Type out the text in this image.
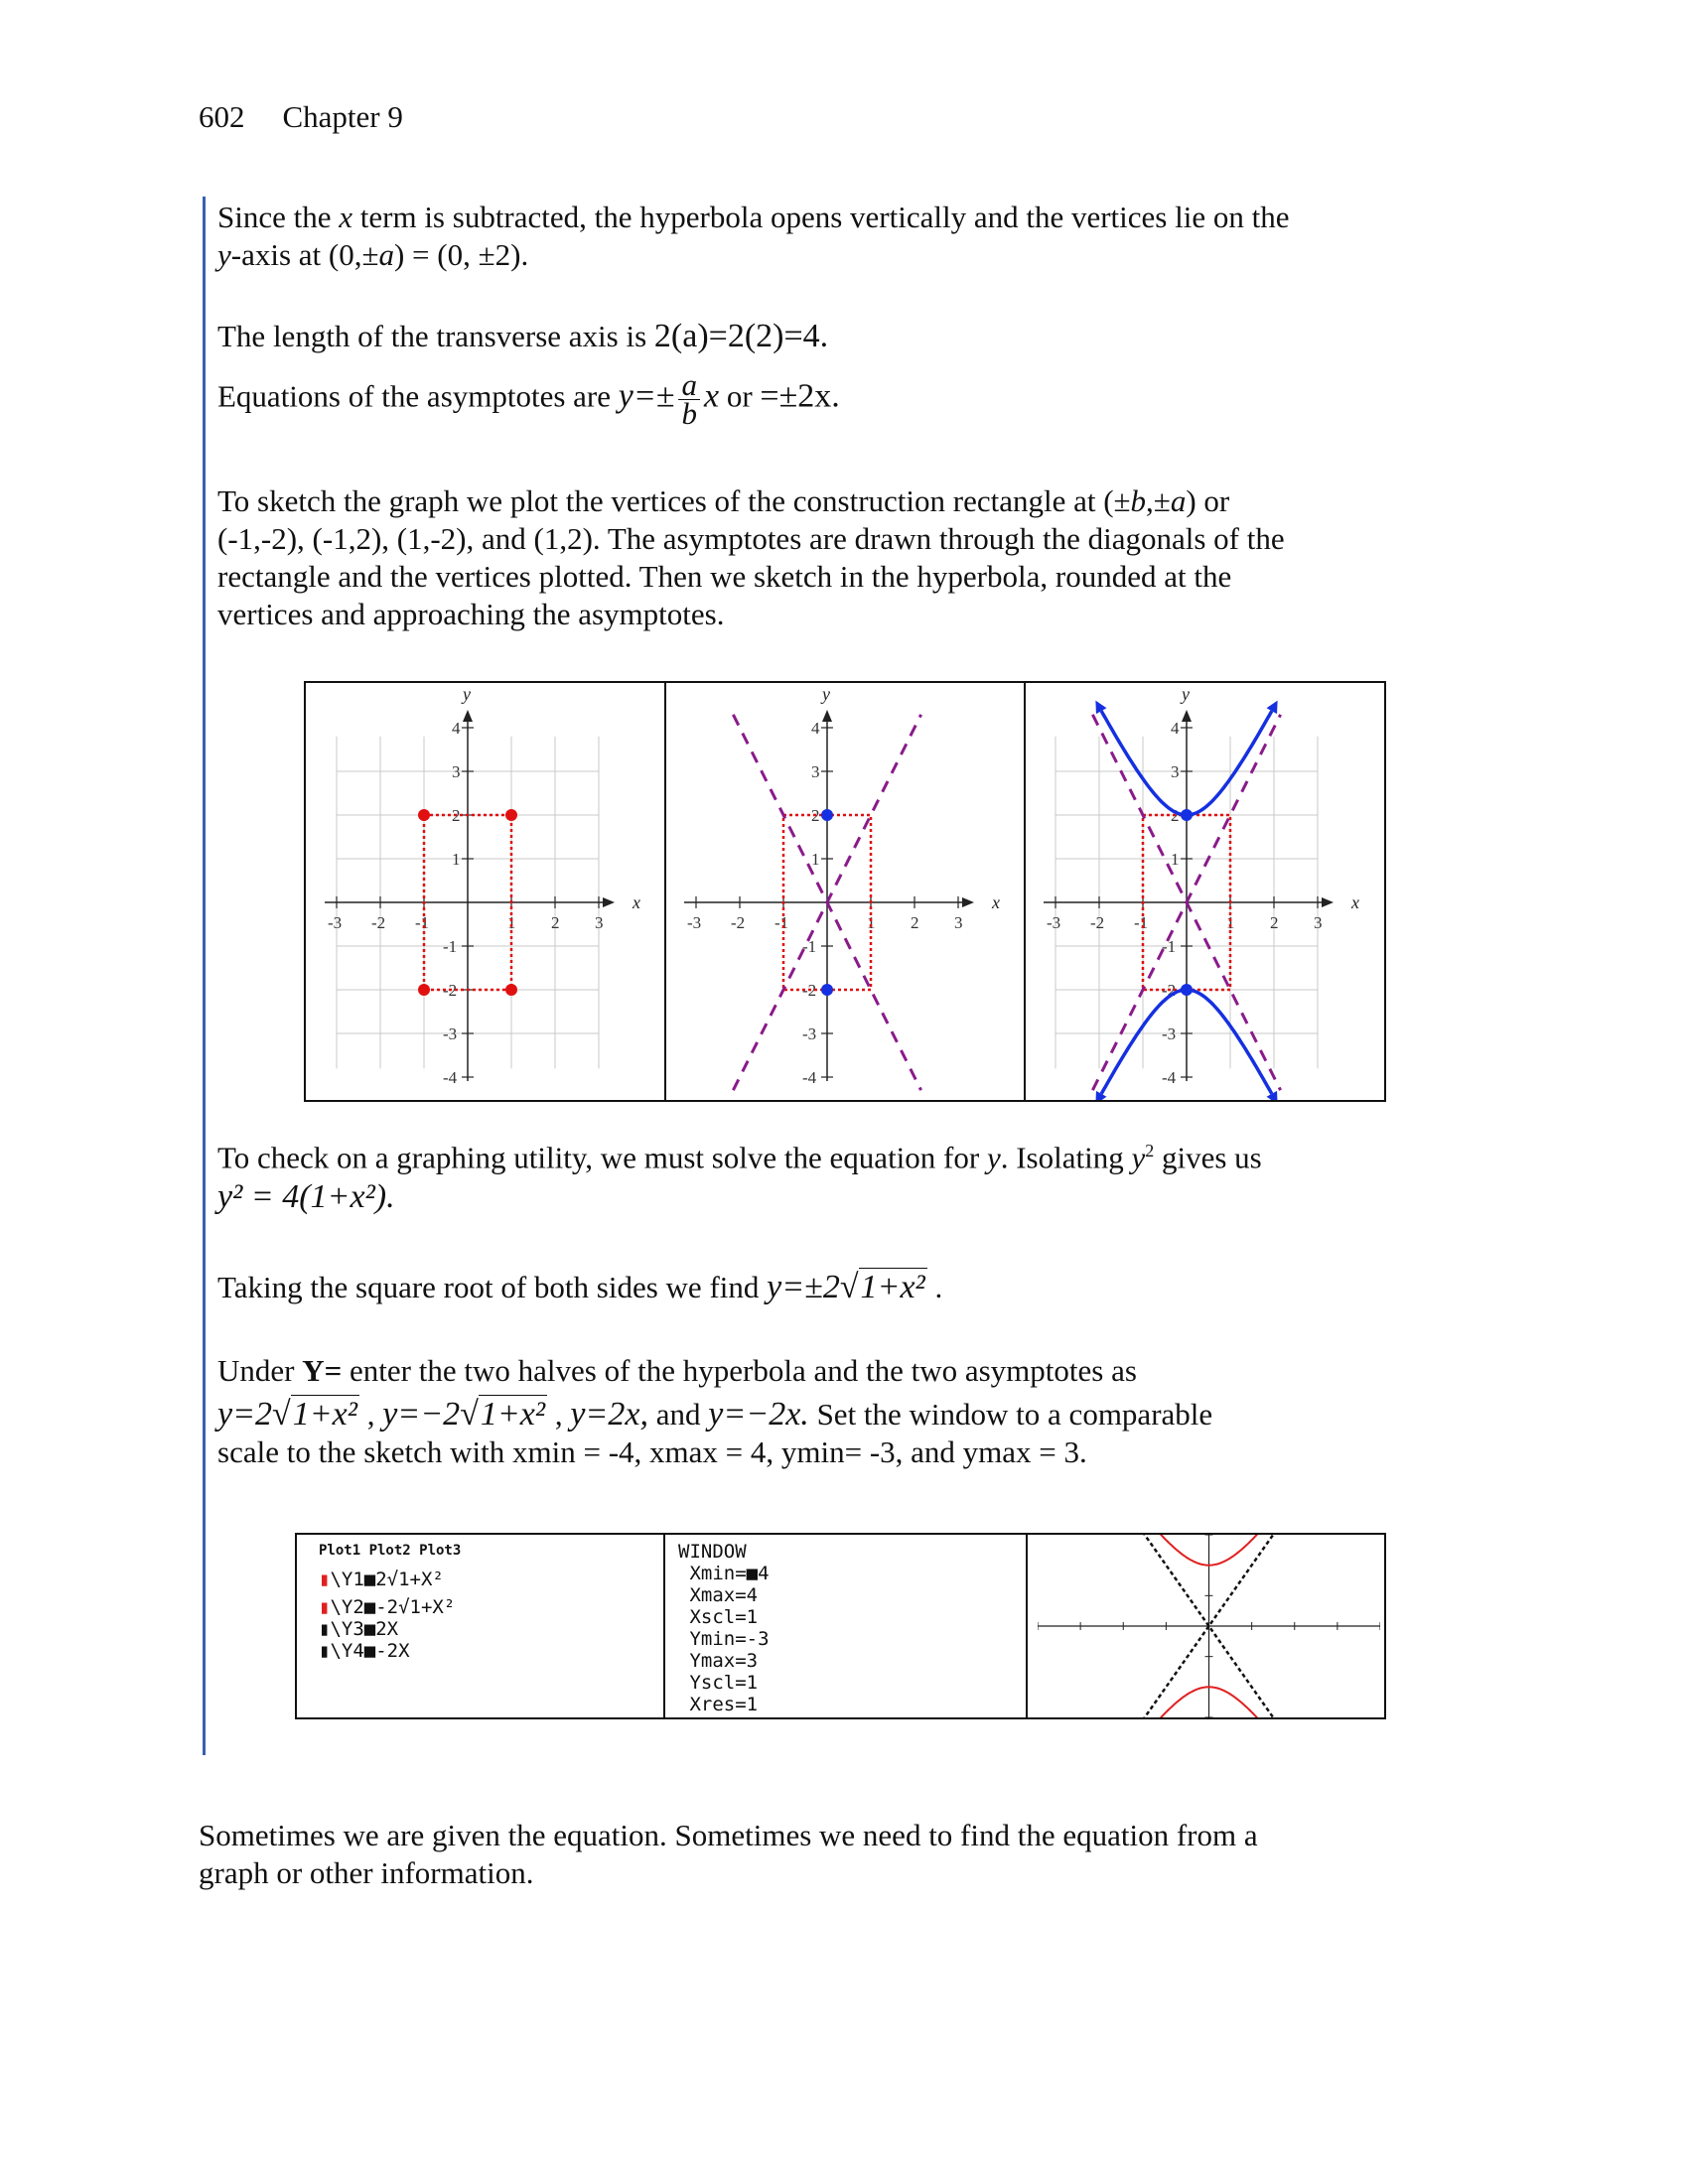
602 Chapter 9
Since the x term is subtracted, the hyperbola opens vertically and the vertices lie on the
y-axis at (0,±a) = (0, ±2).
The length of the transverse axis is 2(a)=2(2)=4.
Equations of the asymptotes are $y=\pm \frac{a}{b}$ x or =±2x.
To sketch the graph we plot the vertices of the construction rectangle at (±b,±a) or
(-1,-2), (-1,2), (1,-2), and (1,2). The asymptotes are drawn through the diagonals of the
rectangle and the vertices plotted. Then we sketch in the hyperbola, rounded at the
vertices and approaching the asymptotes.
x
y
-3 -2 -1	1 2 3
4
3
2
1
-1
-2
-3
-4
x
y
-3 -2 -1	1 2 3
4
3
2
1
-1
-2
-3
-4
x
y
-3 -2 -1	1 2 3
4
3
2
1
-1
-2
-3
-4
To check on a graphing utility, we must solve the equation for y. Isolating $y^2$ gives us
y² = 4(1+x²).
Taking the square root of both sides we find y=±2√1+x² .
Under Y= enter the two halves of the hyperbola and the two asymptotes as
y=2√1+x² , y=−2√1+x² , y=2x, and y=−2x. Set the window to a comparable
scale to the sketch with xmin = -4, xmax = 4, ymin= -3, and ymax = 3.
Plot1 Plot2 Plot3
▮\Y1■2√1+X²
▮\Y2■-2√1+X²
▮\Y3■2X
▮\Y4■-2X
WINDOW
Xmin=■4
Xmax=4
Xscl=1
Ymin=-3
Ymax=3
Yscl=1
Xres=1
Sometimes we are given the equation. Sometimes we need to find the equation from a
graph or other information.
